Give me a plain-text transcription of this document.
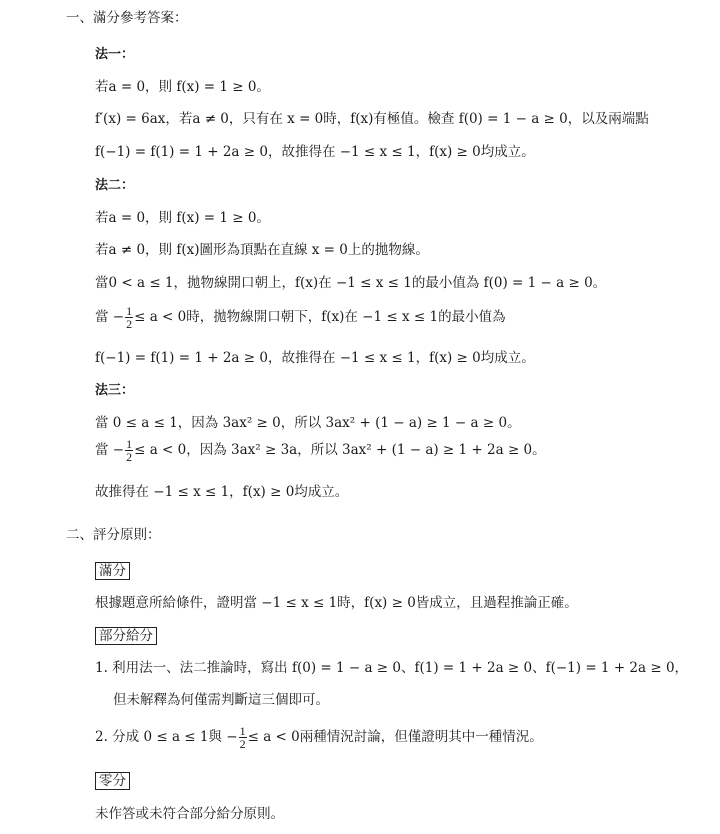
一、滿分參考答案：
法一：
若a = 0，則 f(x) = 1 ≥ 0。
f′(x) = 6ax，若a ≠ 0，只有在 x = 0時，f(x)有極值。檢查 f(0) = 1 − a ≥ 0，以及兩端點
f(−1) = f(1) = 1 + 2a ≥ 0，故推得在 −1 ≤ x ≤ 1，f(x) ≥ 0均成立。
法二：
若a = 0，則 f(x) = 1 ≥ 0。
若a ≠ 0，則 f(x)圖形為頂點在直線 x = 0上的拋物線。
當0 < a ≤ 1，拋物線開口朝上，f(x)在 −1 ≤ x ≤ 1的最小值為 f(0) = 1 − a ≥ 0。
當 − $\frac{1}{2} \le a < 0$時，拋物線開口朝下，f(x)在 −1 ≤ x ≤ 1的最小值為
f(−1) = f(1) = 1 + 2a ≥ 0，故推得在 −1 ≤ x ≤ 1，f(x) ≥ 0均成立。
法三：
當 0 ≤ a ≤ 1，因為 3ax² ≥ 0，所以 3ax² + (1 − a) ≥ 1 − a ≥ 0。
當 − $\frac{1}{2} \le a < 0$，因為 3ax² ≥ 3a，所以 3ax² + (1 − a) ≥ 1 + 2a ≥ 0。
故推得在 −1 ≤ x ≤ 1，f(x) ≥ 0均成立。
二、評分原則：
滿分
根據題意所給條件，證明當 −1 ≤ x ≤ 1時，f(x) ≥ 0皆成立，且過程推論正確。
部分給分
1. 利用法一、法二推論時，寫出 f(0) = 1 − a ≥ 0、f(1) = 1 + 2a ≥ 0、f(−1) = 1 + 2a ≥ 0，
但未解釋為何僅需判斷這三個即可。
2. 分成 0 ≤ a ≤ 1與 − $\frac{1}{2} \le a < 0$兩種情況討論，但僅證明其中一種情況。
零分
未作答或未符合部分給分原則。
